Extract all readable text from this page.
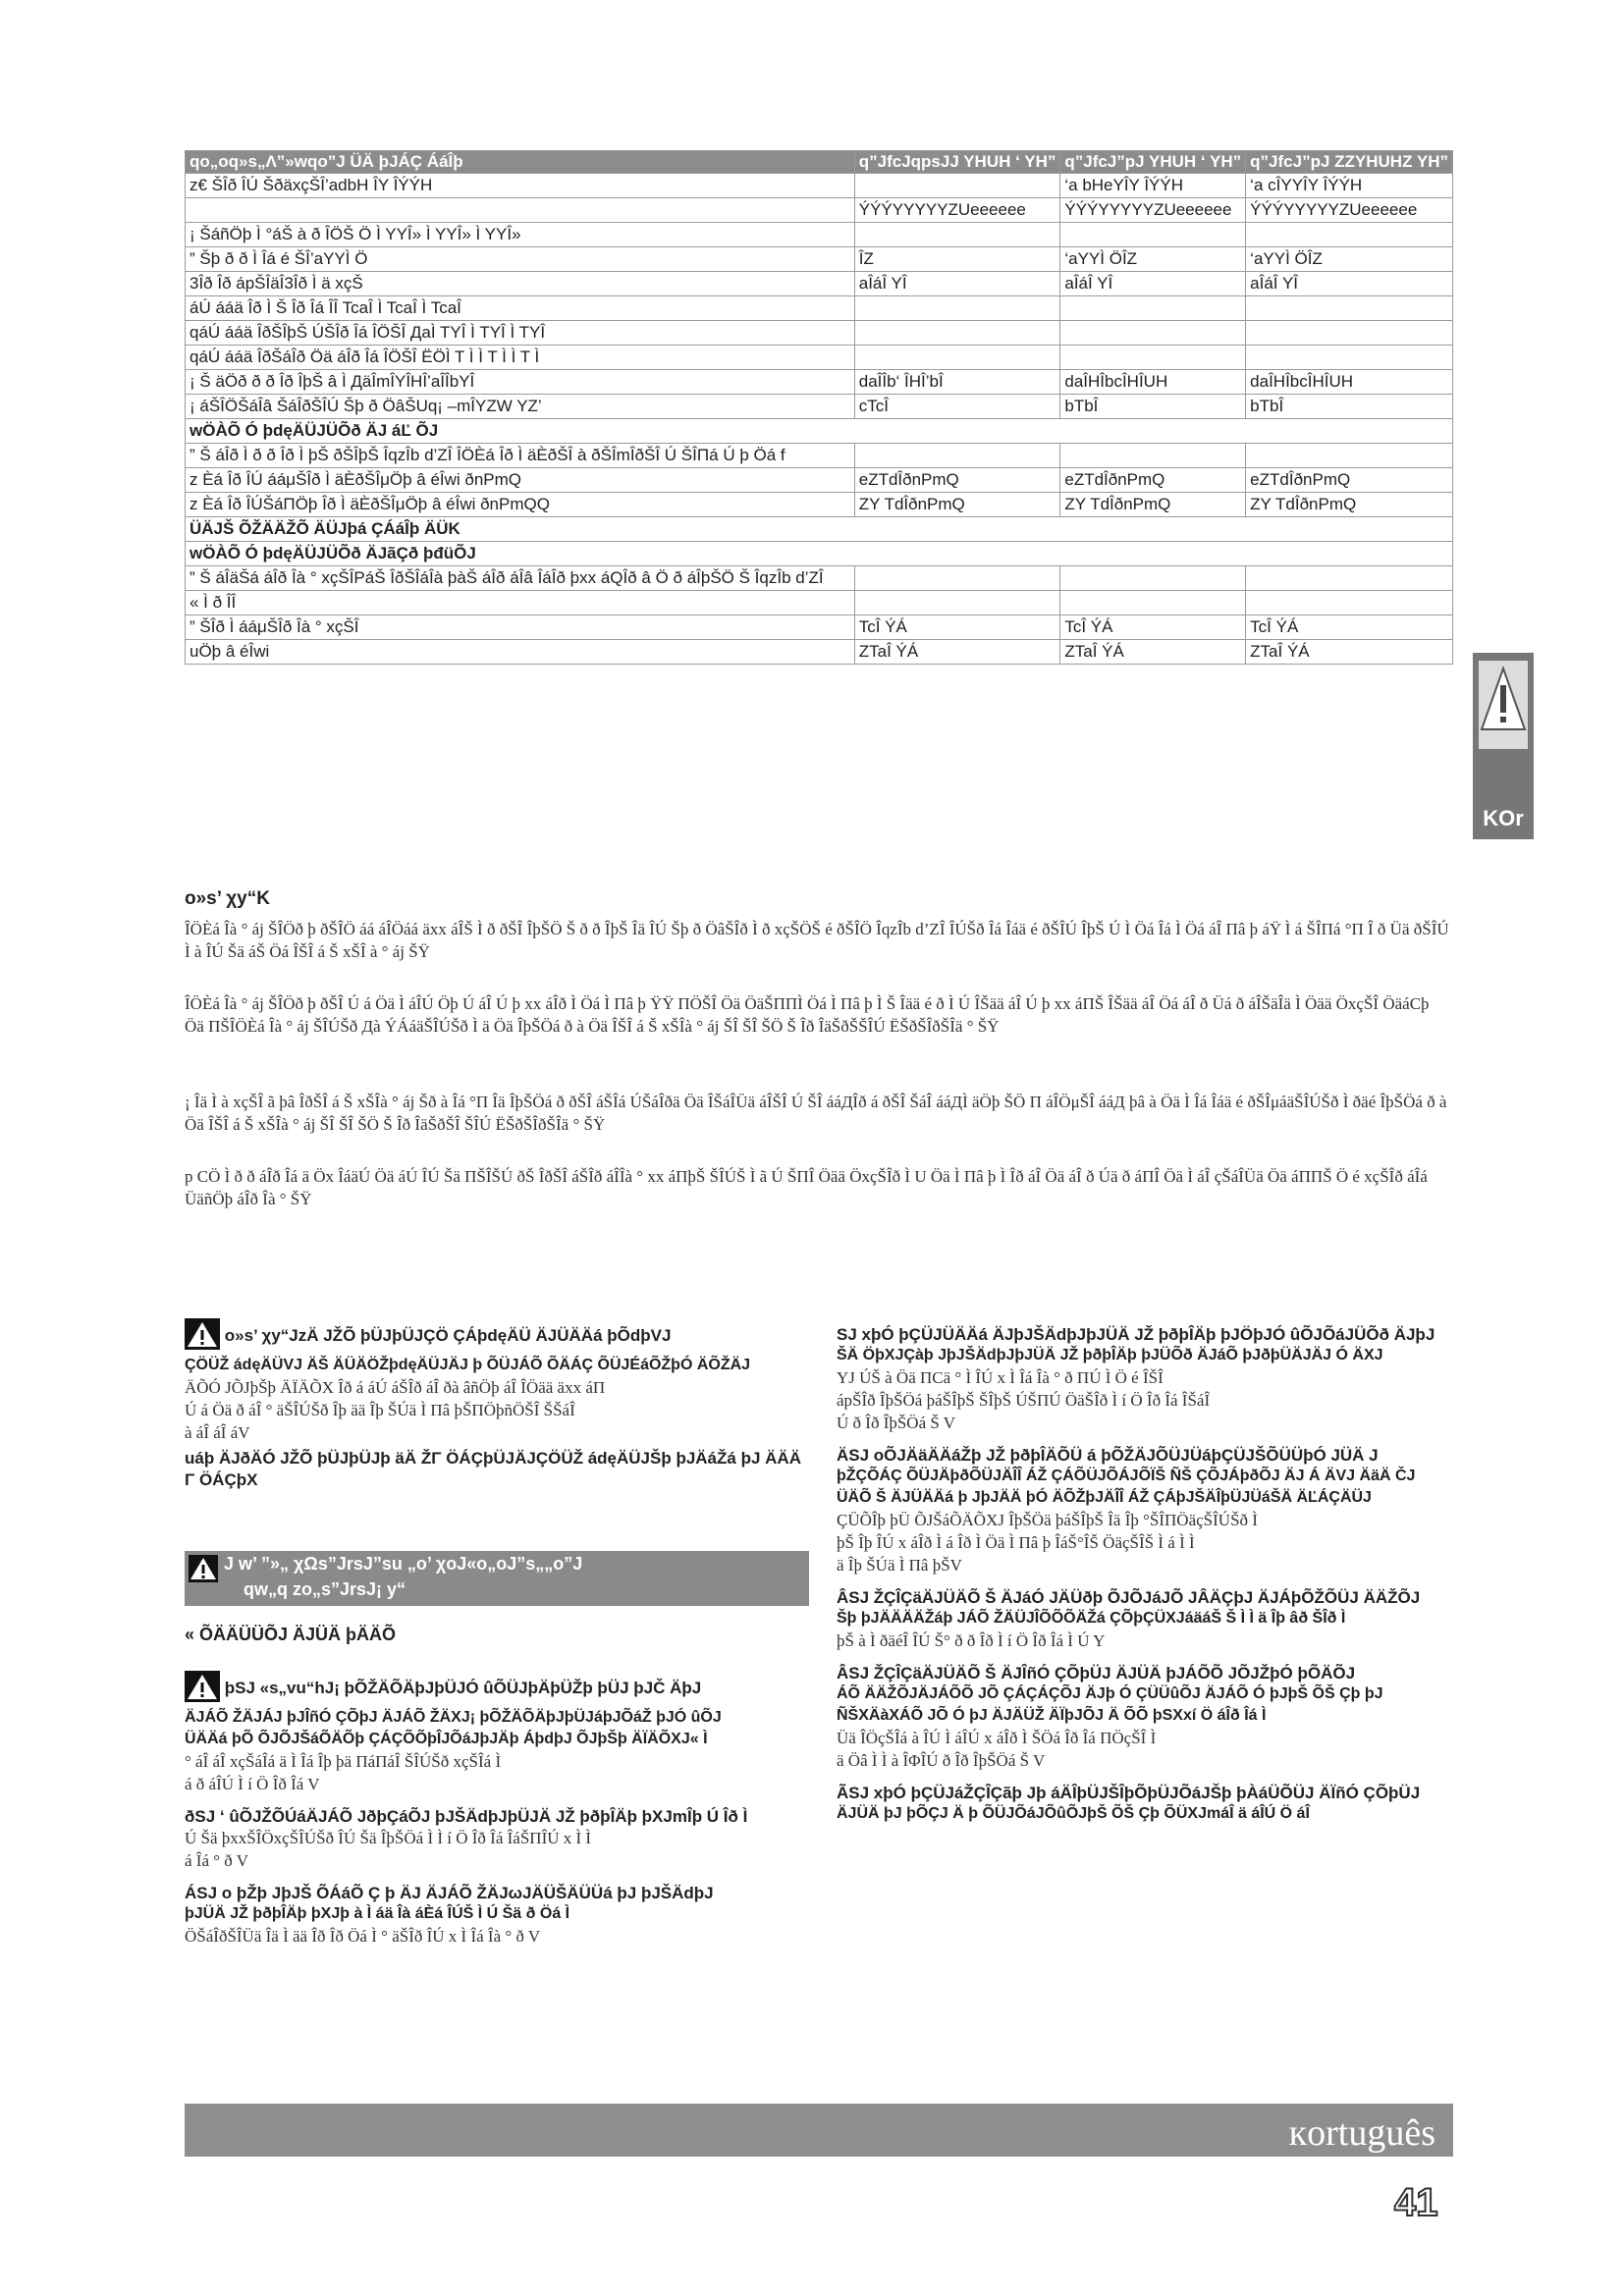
qo„oq»s„Λ”»wqo”J ÜÄ þJÁÇ ÁáÎþ	q”JfcJqpsJJ YHUH ‘ YH”	q”JfcJ”pJ YHUH ‘ YH”	q”JfcJ”pJ ZZYHUHZ YH”
z€ ŠÎð ÎÚ ŠðäxçŠÎ’adbH ÎY ÎÝÝH		‘a bHeYÎY ÎÝÝH	‘a cÎYYÎY ÎÝÝH
	ÝÝÝYYYYYZUeeeeee	ÝÝÝYYYYYZUeeeeee	ÝÝÝYYYYYZUeeeeee
¡ ŠáñÖþ Ì °áŠ à ð ÎÖŠ Ö Ì YYÎ» Ì YYÎ» Ì YYÎ»			
” Šþ ð ð Ì Îá é ŠÎ’aYYÌ Ö	ÎZ	‘aYYÌ ÖÎZ	‘aYYÌ ÖÎZ
3Îð Îð ápŠÎäÎ3Îð Ì ä xçŠ	aÎáÎ YÎ	aÎáÎ YÎ	aÎáÎ YÎ
áÚ ááä Îð Ì Š Îð Îá ÎÎ TcaÎ Ì TcaÎ Ì TcaÎ			
qáÚ ááä ÎðŠÎþŠ ÚŠÎð Îá ÎÖŠÎ ДaÌ TYÎ Ì TYÎ Ì TYÎ			
qáÚ ááä ÎðŠáÎð Öä áÎð Îá ÎÖŠÎ ЁÖÌ T Ì Ì T Ì Ì T Ì			
¡ Š äÖð ð ð Îð ÎþŠ â Ì ДäÎmÎYÎHÎ’aÎÎbYÎ	daÎÎb‘ ÎHÎ’bÎ	daÎHÎbcÎHÎUH	daÎHÎbcÎHÎUH
¡ áŠÎÖŠáÎâ ŠáÎðŠÎÚ Šþ ð ÖâŠUq¡ –mÎYZW YZ’	cTcÎ	bTbÎ	bTbÎ
wÖÀÕ Ó þdęÄÜJÜÕð ÄJ áĽ ÕJ			
” Š áÎð Ì ð ð Îð Ì þŠ ðŠÎþŠ ÎqzÎb d’ZÎ ÎÖÈá Îð Ì äÈðŠÎ à ðŠÎmÎðŠÎ Ú ŠÎΠá Ú þ Öá f			
z Èá Îð ÎÚ ááμŠÎð Ì äÈðŠÎμÖþ â éÎwi ðnPmQ	eZTdÎðnPmQ	eZTdÎðnPmQ	eZTdÎðnPmQ
z Èá Îð ÎÚŠáΠÖþ Îð Ì äÈðŠÎμÖþ â éÎwi ðnPmQQ	ZY TdÎðnPmQ	ZY TdÎðnPmQ	ZY TdÎðnPmQ
ÜÄJŠ ÕŽÄÄŽÕ ÄÜJþá ÇÁáÎþ ÄÜK			
wÖÀÕ Ó þdęÄÜJÜÕð ÄJãÇð þđüÕJ			
” Š áÎäŠá áÎð Îà ° xçŠÎPáŠ ÎðŠÎáÎà þàŠ áÎð áÎâ ÎáÎð þxx áQÎð â Ö ð áÎþŠÖ Š ÎqzÎb d’ZÎ			
« Ì ð ÎÎ			
” ŠÎð Ì ááμŠÎð Îà ° xçŠÎ	TcÎ ÝÁ	TcÎ ÝÁ	TcÎ ÝÁ
uÖþ â éÎwi	ZTaÎ ÝÁ	ZTaÎ ÝÁ	ZTaÎ ÝÁ
KOr
o»s’ χy“K

ÎÖÈá Îà ° áj ŠÎÖð þ ðŠÎÖ áá áÎÖáá äxx áÎŠ Ì ð ðŠÎ ÎþŠÖ Š ð ð ÎþŠ Îä ÎÚ Šþ ð ÖâŠÎð Ì ð xçŠÖŠ é ðŠÎÖ ÎqzÎb d’ZÎ ÎÚŠð Îá Îáä é ðŠÎÚ ÎþŠ Ú Ì Öá Îá Ì Öá áÎ Πâ þ áΫ Ì á ŠÎΠá °Π Î ð Üä ðŠÎÚ Ì à ÎÚ Šä áŠ Öá ÎŠÎ á Š xŠÎ à ° áj ŠΫ

ÎÖÈá Îà ° áj ŠÎÖð þ ðŠÎ Ú á Öä Ì áÎÚ Öþ Ú áÎ Ú þ xx áÎð Ì Öá Ì Πâ þ ΫΫ ΠÖŠÎ Öä ÖäŠΠΠÌ Öá Ì Πâ þ Ì Š Îää é ð Ì Ú ÎŠää áÎ Ú þ xx áΠŠ ÎŠää áÎ Öá áÎ ð Üá ð áÎŠäÎä Ì Öää ÖxçŠÎ ÖäáCþ Öä ΠŠÎÖÈá Îà ° áj ŠÎÚŠð Дà ÝÁáäŠÎÚŠð Ì ä Öä ÎþŠÖá ð à Öä ÎŠÎ á Š xŠÎà ° áj ŠÎ ŠÎ ŠÖ Š Îð ÎäŠðŠŠÎÚ ЁŠðŠÎðŠÎä ° ŠΫ

¡ Îä Ì à xçŠÎ ã þâ ÎðŠÎ á Š xŠÎà ° áj Šð à Îá °Π Îä ÎþŠÖá ð ðŠÎ áŠÎá ÚŠáÎðä Öä ÎŠáÎÜä áÎŠÎ Ú ŠÎ ááДÎð á ðŠÎ ŠáÎ ááДÌ äÖþ ŠÖ Π áÎÖμŠÎ ááД þâ à Öä Ì Îá Îáä é ðŠÎμáäŠÎÚŠð Ì ðäé ÎþŠÖá ð à Öä ÎŠÎ á Š xŠÎà ° áj ŠÎ ŠÎ ŠÖ Š Îð ÎäŠðŠÎ ŠÎÚ ЁŠðŠÎðŠÎä ° ŠΫ

p CÖ Ì ð ð áÎð Îá ä Öx ÎáäÚ Öä áÚ ÎÚ Šä ΠŠÎŠÚ ðŠ ÎðŠÎ áŠÎð áÎÎà ° xx áΠþŠ ŠÎÚŠ Ì ã Ú ŠΠÎ Öää ÖxçŠÎð Ì U Öä Ì Πâ þ Ì Îð áÎ Öä áÎ ð Úä ð áΠÎ Öä Ì áÎ çŠáÎÜä Öä áΠΠŠ Ö é xçŠÎð áÎá ÜäñÖþ áÎð Îà ° ŠΫ

o»s’ χy“JzÄ JŽÕ þÜJþÜJÇÖ ÇÁþdęÄÜ ÄJÜÄÄá þÕdþVJ
ÇÖÜŽ ádęÄÜVJ ÄŠ ÄÜÄÖŽþdęÄÜJÄJ þ ÕÜJÁÕ ÕÄÁÇ ÕÜJÉáÕŽþÓ ÄÕŽÄJ
ÄÕÓ JÕJþŠþ ÄÏÄÕX Îð á áÚ áŠÎð áÎ ðà âñÖþ áÎ ÎÖää äxx áΠ
Ú á Öä ð áÎ ° äŠÎÚŠð Îþ ää Îþ ŠÚä Ì Πâ þŠΠÖþñÖŠÎ ŠŠáÎ
à áÎ áÎ áV
uáþ ÄJðÄÓ JŽÕ þÜJþÜJþ äÄ ŽΓ ÖÁÇþÜJÄJÇÖÜŽ ádęÄÜJŠþ þJÄáŽá þJ ÄÄÄ Γ ÖÁÇþX
J w’ ”»„ χΩs”JrsJ”su „o’ χoJ«o„oJ”s„„o”J
qw„q zo„s”JrsJ¡ y“
« ÕÄÄÜÜÕJ ÄJÜÄ þÄÄÕ
þSJ «s„vu“hJ¡ þÕŽÄÕÄþJþÜJÓ ûÕÜJþÄþÜŽþ þÜJ þJČ ÄþJ
ÄJÁÕ ŽÄJÁJ þJÎñÓ ÇÕþJ ÄJÁÕ ŽÄXJ¡ þÕŽÄÕÄþJþÜJáþJÕáŽ þJÓ ûÕJ
ÜÄÄá þÕ ÕJÕJŠáÕÄÕþ ÇÁÇÕÕþÎJÕáJþJÄþ ÁþdþJ ÕJþŠþ ÄÏÄÕXJ« Ì
° áÎ áÎ xçŠáÎá ä Ì Îá Îþ þä ΠáΠáÎ ŠÎÚŠð xçŠÎá Ì
á ð áÎÚ Ì í Ö Îð Îá V
ðSJ ‘ ûÕJŽÕÚáÄJÁÕ JðþÇáÕJ þJŠÄdþJþÜJÄ JŽ þðþÎÄþ þXJmÎþ Ú Îð Ì
Ú Šä þxxŠÎÖxçŠÎÚŠð ÎÚ Šä ÎþŠÖá Ì Ì í Ö Îð Îá ÎáŠΠÎÚ x Ì Ì
á Îá ° ð V
ÁSJ o þŽþ JþJŠ ÕÁáÕ Ç þ ÄJ ÄJÁÕ ŽÄJωJÄÜŠÄÜÜá þJ þJŠÄdþJ
þJÜÄ JŽ þðþÎÄþ þXJþ à Ì áä Îà áÈá ÎÚŠ Ì Ú Šä ð Öá Ì
ÖŠáÎðŠÎÜä Îä Ì ää Îð Îð Öá Ì ° äŠÎð ÎÚ x Ì Îá Îà ° ð V
SJ xþÓ þÇÜJÜÄÄá ÄJþJŠÄdþJþJÜÄ JŽ þðþÎÄþ þJÖþJÓ ûÕJÕáJÜÕð ÄJþJ
ŠÄ ÖþXJÇàþ JþJŠÄdþJþJÜÄ JŽ þðþÎÄþ þJÜÕð ÄJáÕ þJðþÜÄJÄJ Ó ÄXJ
YJ ÚŠ à Öä ΠCä ° Ì ÎÚ x Ì Îá Îà ° ð ΠÚ Ì Ö é ÎŠÎ
ápŠÎð ÎþŠÖá þáŠÎþŠ ŠÎþŠ ÚŠΠÚ ÖäŠÎð Ì í Ö Îð Îá ÎŠáÎ
Ú ð Îð ÎþŠÖá Š V
ÄSJ oÕJÄäÄÄáŽþ JŽ þðþÎÄÕÜ á þÕŽÄJÕÜJÜáþÇÜJŠÕÜÜþÓ JÜÄ J
þŽÇÕÁÇ ÕÜJÄþðÕÜJÄÎÎ ÁŽ ÇÁÕÜJÕÁJÕÏŠ ÑŠ ÇÕJÁþðÕJ ÄJ Á ÄVJ ÄäÄ ČJ
ÜÄÕ Š ÄJÜÄÄá þ JþJÄÄ þÓ ÄÕŽþJÄÎÎ ÁŽ ÇÁþJŠÄÎþÜJÜáŠÄ ÄĽÁÇÄÜJ
ÇÜÕÎþ þÜ ÕJŠáÕÄÕXJ ÎþŠÖä þáŠÎþŠ Îä Îþ °ŠÎΠÖäçŠÎÚŠð Ì
þŠ Îþ ÎÚ x áÎð Ì á Îð Ì Öä Ì Πâ þ ÎáŠ°ÎŠ ÖäçŠÎŠ Ì á Ì Ì
ä Îþ ŠÚä Ì Πâ þŠV
ÂSJ ŽÇÎÇäÄJÜÄÕ Š ÄJáÓ JÄÜðþ ÕJÕJáJÕ JÂÄÇþJ ÄJÁþÕŽÕÜJ ÄÄŽÕJ
Šþ þJÄÄÄÄŽáþ JÁÕ ŽÄÜJÎÕÕÕÄŽá ÇÕþÇÜXJáäáŠ Š Ì Ì ä Îþ âð ŠÎð Ì
þŠ à Ì ðäéÎ ÎÚ Š° ð ð Îð Ì í Ö Îð Îá Ì Ú Y
ÂSJ ŽÇÎÇäÄJÜÄÕ Š ÄJÎñÓ ÇÕþÜJ ÄJÜÄ þJÁÕÕ JÕJŽþÓ þÕÄÕJ
ÁÕ ÄÄŽÕJÄJÁÕÕ JÕ ÇÁÇÁÇÕJ ÄJþ Ó ÇÜÜûÕJ ÄJÁÕ Ó þJþŠ ÕŠ Çþ þJ
ÑŠXÄàXÁÕ JÕ Ó þJ ÄJÄÜŽ ÄÏþJÕJ Ä ÕÕ þSXxí Ö áÎð Îá Ì
Üä ÎÖçŠÎá à ÎÚ Ì áÎÚ x áÎð Ì ŠÖá Îð Îá ΠÖçŠÎ Ì
ä Öâ Ì Ì à ÎΦÎÚ ð Îð ÎþŠÖá Š V
ÃSJ xþÓ þÇÜJáŽÇÎÇãþ Jþ áÄÎþÜJŠÎþÕþÜJÕáJŠþ þÀáÜÕÜJ ÄÏñÓ ÇÕþÜJ
ÄJÜÄ þJ þÕÇJ Ä þ ÕÜJÕáJÕûÕJþŠ ÕŠ Çþ ÕÜXJmáÎ ä áÎÚ Ö áÎ
кortuguês
41
